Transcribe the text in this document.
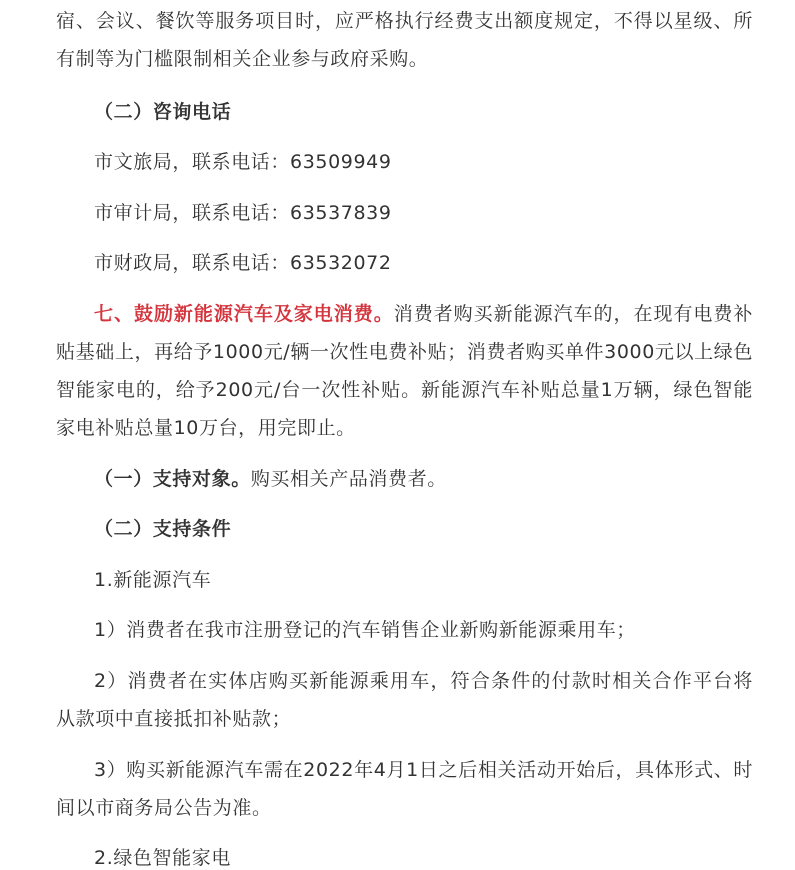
宿、会议、餐饮等服务项目时，应严格执行经费支出额度规定，不得以星级、所有制等为门槛限制相关企业参与政府采购。

（二）咨询电话

市文旅局，联系电话：63509949

市审计局，联系电话：63537839

市财政局，联系电话：63532072

七、鼓励新能源汽车及家电消费。消费者购买新能源汽车的，在现有电费补贴基础上，再给予1000元/辆一次性电费补贴；消费者购买单件3000元以上绿色智能家电的，给予200元/台一次性补贴。新能源汽车补贴总量1万辆，绿色智能家电补贴总量10万台，用完即止。

（一）支持对象。购买相关产品消费者。

（二）支持条件

1.新能源汽车

1）消费者在我市注册登记的汽车销售企业新购新能源乘用车；

2）消费者在实体店购买新能源乘用车，符合条件的付款时相关合作平台将从款项中直接抵扣补贴款；

3）购买新能源汽车需在2022年4月1日之后相关活动开始后，具体形式、时间以市商务局公告为准。

2.绿色智能家电
